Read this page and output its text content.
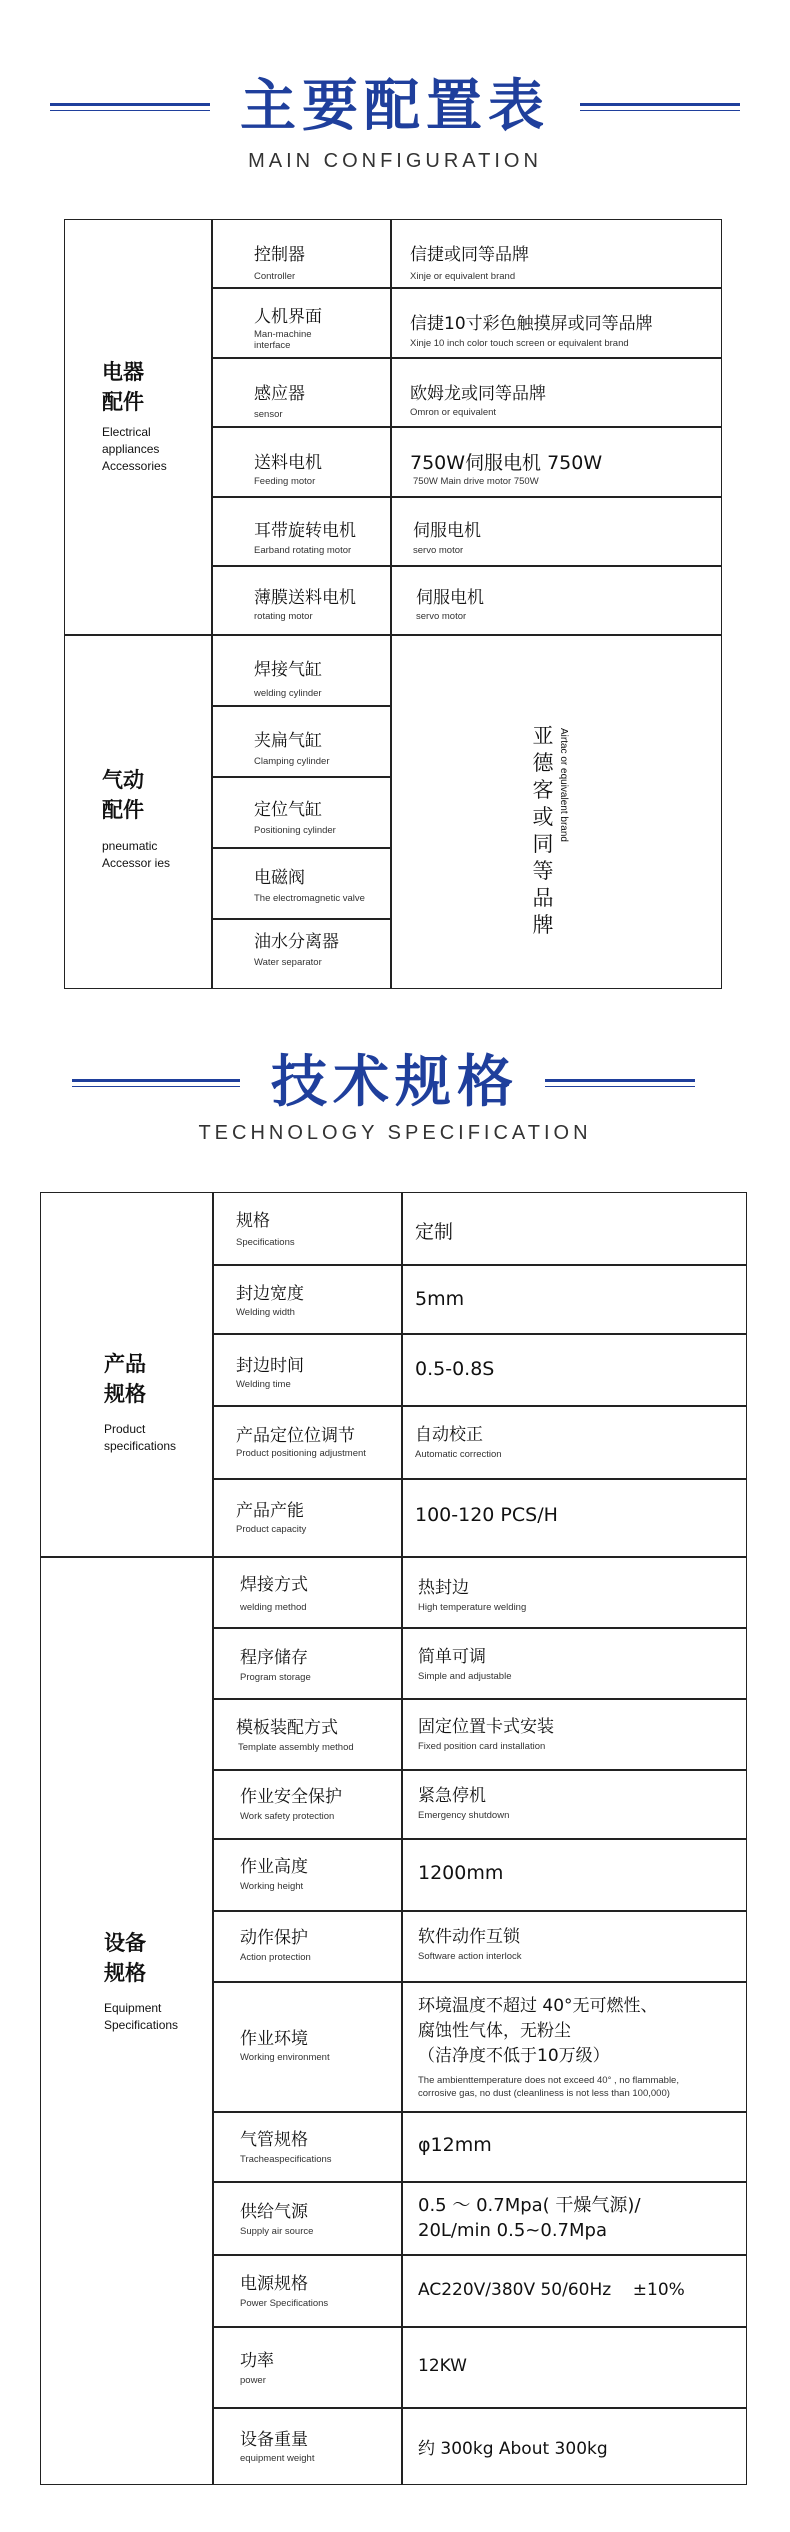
主要配置表
MAIN CONFIGURATION
电器
配件
Electrical
appliances
Accessories
控制器
Controller
信捷或同等品牌
Xinje or equivalent brand
人机界面
Man-machine
interface
信捷10寸彩色触摸屏或同等品牌
Xinje 10 inch color touch screen or equivalent brand
感应器
sensor
欧姆龙或同等品牌
Omron or equivalent
送料电机
Feeding motor
750W伺服电机 750W
750W Main drive motor 750W
耳带旋转电机
Earband rotating motor
伺服电机
servo motor
薄膜送料电机
rotating motor
伺服电机
servo motor
气动
配件
pneumatic
Accessor ies
焊接气缸
welding cylinder
夹扁气缸
Clamping cylinder
定位气缸
Positioning cylinder
电磁阀
The electromagnetic valve
油水分离器
Water separator
亚
德
客
或
同
等
品
牌
Airtac or equivalent brand
技术规格
TECHNOLOGY SPECIFICATION
产品
规格
Product
specifications
规格
Specifications	定制
封边宽度
Welding width
5mm
封边时间
Welding time
0.5-0.8S
产品定位位调节
Product positioning adjustment
自动校正
Automatic correction
产品产能
Product capacity
100-120 PCS/H
设备
规格
Equipment
Specifications
焊接方式
welding method
热封边
High temperature welding
程序储存
Program storage
简单可调
Simple and adjustable
模板装配方式
Template assembly method
固定位置卡式安装
Fixed position card installation
作业安全保护
Work safety protection
紧急停机
Emergency shutdown
作业高度
Working height
1200mm
动作保护
Action protection
软件动作互锁
Software action interlock
作业环境
Working environment
环境温度不超过 40°无可燃性、
腐蚀性气体，无粉尘
（洁净度不低于10万级）
The ambienttemperature does not exceed 40° , no flammable,
corrosive gas, no dust (cleanliness is not less than 100,000)
气管规格
Tracheaspecifications
φ12mm
供给气源
Supply air source
0.5 ～ 0.7Mpa( 干燥气源)/
20L/min 0.5~0.7Mpa
电源规格
Power Specifications
AC220V/380V 50/60Hz    ±10%
功率
power
12KW
设备重量
equipment weight	约 300kg About 300kg
